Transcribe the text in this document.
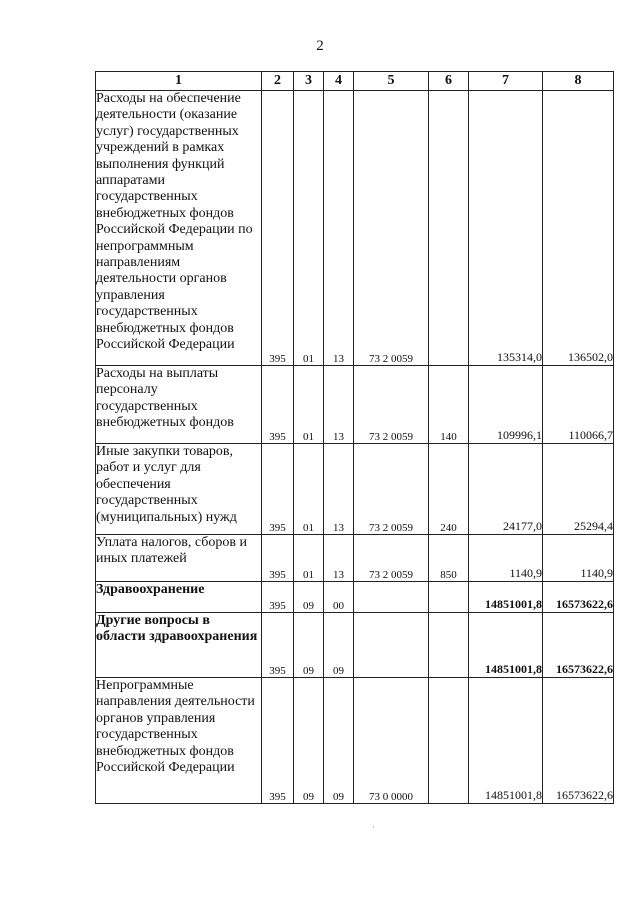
2
1	2	3	4	5	6	7	8
Расходы на обеспечение деятельности (оказание услуг) государственных учреждений в рамках выполнения функций аппаратами государственных внебюджетных фондов Российской Федерации по непрограммным направлениям деятельности органов управления государственных внебюджетных фондов Российской Федерации	395	01	13	73 2 0059		135314,0	136502,0
Расходы на выплаты персоналу государственных внебюджетных фондов	395	01	13	73 2 0059	140	109996,1	110066,7
Иные закупки товаров, работ и услуг для обеспечения государственных (муниципальных) нужд	395	01	13	73 2 0059	240	24177,0	25294,4
Уплата налогов, сборов и иных платежей	395	01	13	73 2 0059	850	1140,9	1140,9
Здравоохранение	395	09	00			14851001,8	16573622,6
Другие вопросы в области здравоохранения	395	09	09			14851001,8	16573622,6
Непрограммные направления деятельности органов управления государственных внебюджетных фондов Российской Федерации	395	09	09	73 0 0000		14851001,8	16573622,6
·
